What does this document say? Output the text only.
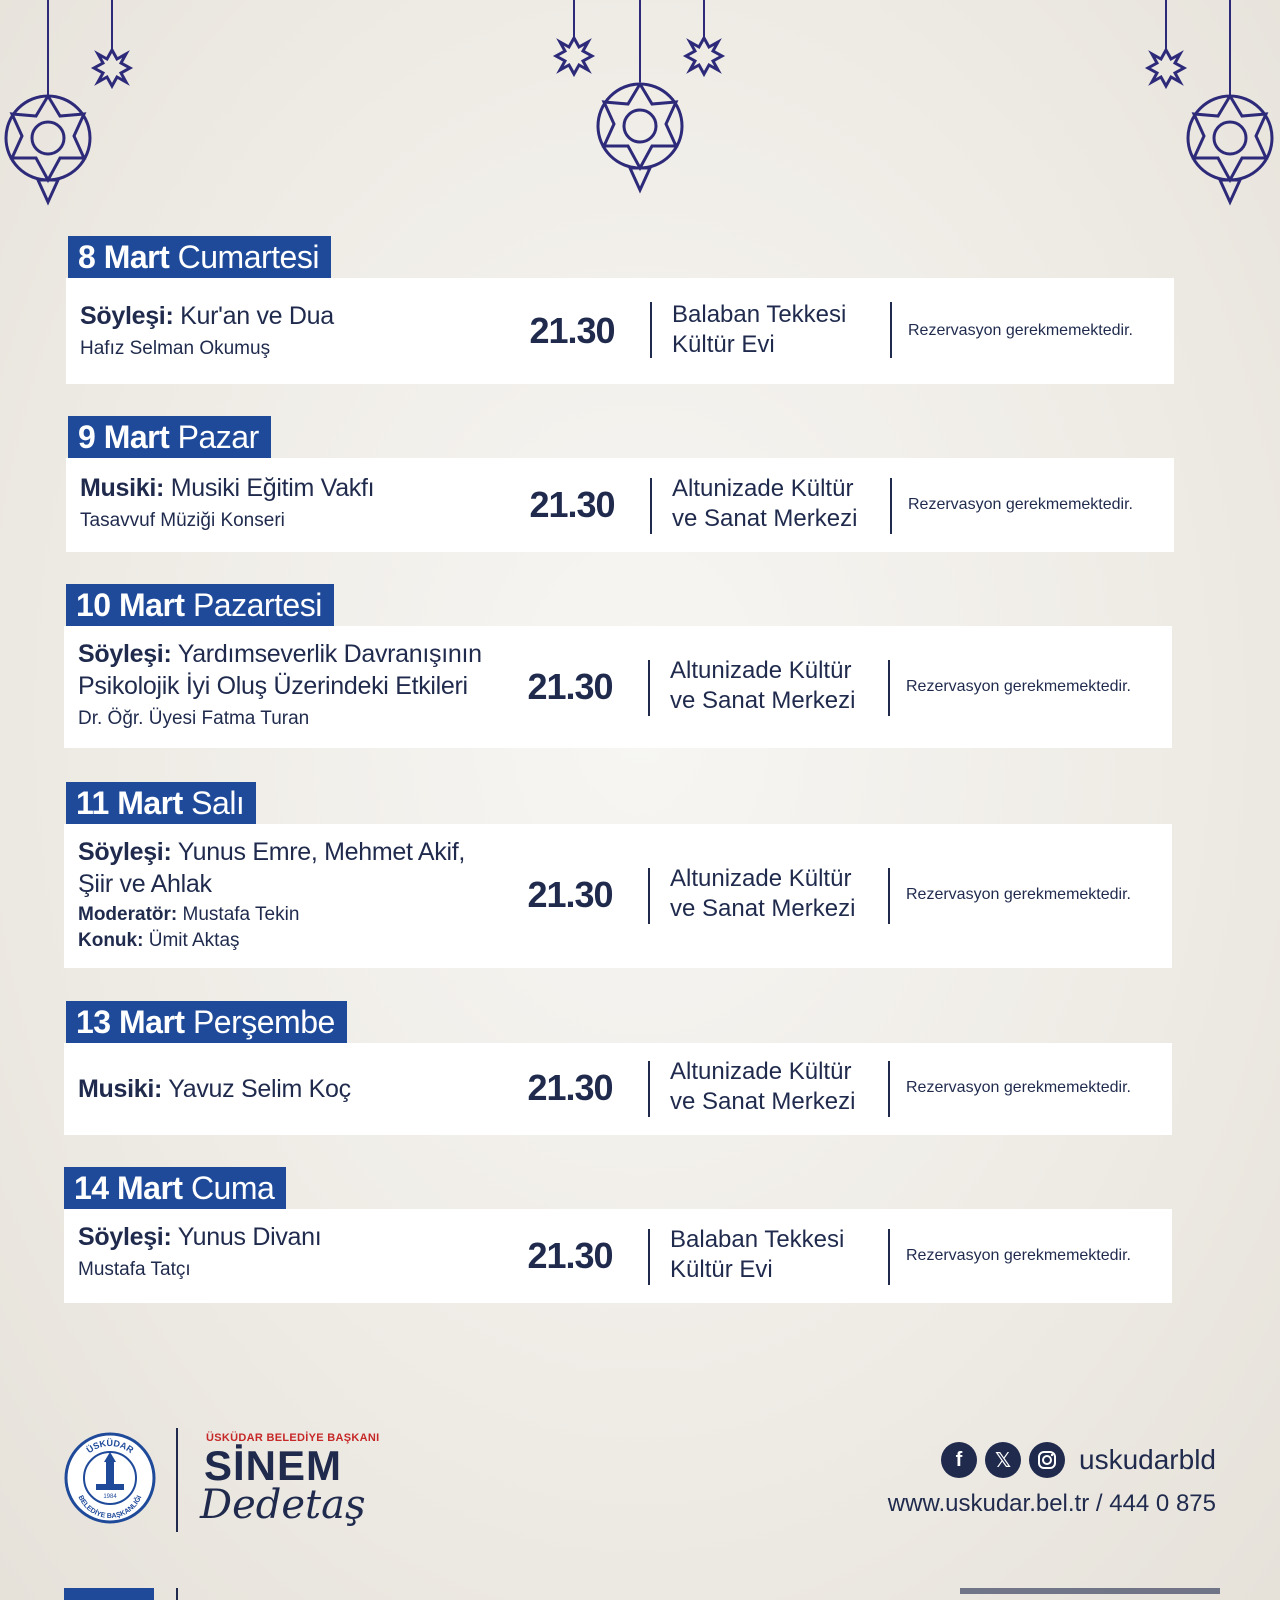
8 Mart Cumartesi
Söyleşi: Kur'an ve Dua
Hafız Selman Okumuş	21.30	Balaban Tekkesi
Kültür Evi
Rezervasyon gerekmemektedir.
9 Mart Pazar
Musiki: Musiki Eğitim Vakfı
Tasavvuf Müziği Konseri	21.30	Altunizade Kültür
ve Sanat Merkezi
Rezervasyon gerekmemektedir.
10 Mart Pazartesi
Söyleşi: Yardımseverlik Davranışının
Psikolojik İyi Oluş Üzerindeki Etkileri
Dr. Öğr. Üyesi Fatma Turan
21.30	Altunizade Kültür
ve Sanat Merkezi
Rezervasyon gerekmemektedir.
11 Mart Salı
Söyleşi: Yunus Emre, Mehmet Akif,
Şiir ve Ahlak
Moderatör: Mustafa Tekin
Konuk: Ümit Aktaş
21.30	Altunizade Kültür
ve Sanat Merkezi
Rezervasyon gerekmemektedir.
13 Mart Perşembe
Musiki: Yavuz Selim Koç	21.30	Altunizade Kültür
ve Sanat Merkezi
Rezervasyon gerekmemektedir.
14 Mart Cuma
Söyleşi: Yunus Divanı
Mustafa Tatçı	21.30	Balaban Tekkesi
Kültür Evi
Rezervasyon gerekmemektedir.
ÜSKÜDAR
BELEDİYE BAŞKANLIĞI
1984
ÜSKÜDAR BELEDİYE BAŞKANI
SİNEM
Dedetaş
f	𝕏	uskudarbld
www.uskudar.bel.tr / 444 0 875
